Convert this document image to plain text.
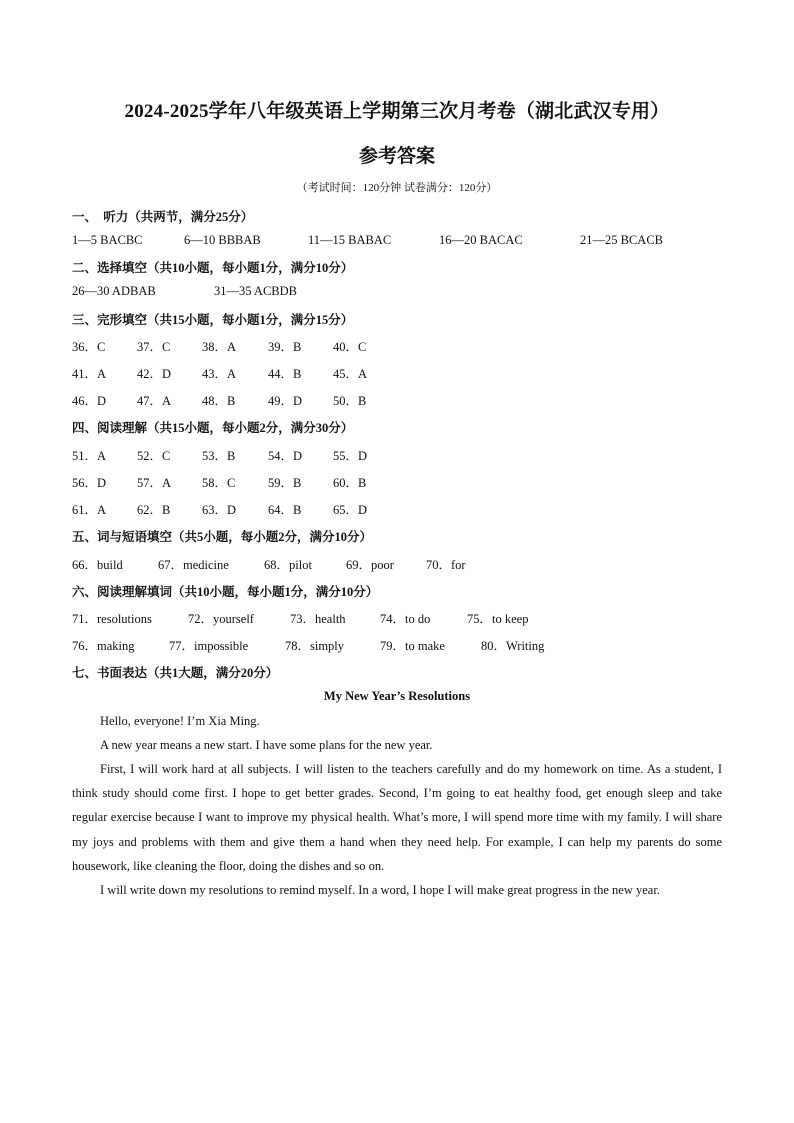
2024-2025学年八年级英语上学期第三次月考卷（湖北武汉专用）
参考答案
（考试时间：120分钟 试卷满分：120分）
一、  听力（共两节，满分25分）
1—5 BACBC	6—10 BBBAB	11—15 BABAC	16—20 BACAC	21—25 BCACB
二、选择填空（共10小题，每小题1分，满分10分）
26—30 ADBAB	31—35 ACBDB
三、完形填空（共15小题，每小题1分，满分15分）
36．C	37．C	38．A	39．B	40．C
41．A 42．D 43．A	44．B	45．A
46．D 47．A 48．B	49．D 50．B
四、阅读理解（共15小题，每小题2分，满分30分）
51．A 52．C	53．B	54．D 55．D
56．D 57．A 58．C	59．B	60．B
61．A 62．B	63．D	64．B	65．D
五、词与短语填空（共5小题，每小题2分，满分10分）
66．build	67．medicine	68．pilot	69．poor	70．for
六、阅读理解填词（共10小题，每小题1分，满分10分）
71．resolutions	72．yourself	73．health	74．to do	75．to keep
76．making	77．impossible	78．simply	79．to make	80．Writing
七、书面表达（共1大题，满分20分）
My New Year’s Resolutions

Hello, everyone! I’m Xia Ming.

A new year means a new start. I have some plans for the new year.

First, I will work hard at all subjects. I will listen to the teachers carefully and do my homework on time. As a student, I think study should come first. I hope to get better grades. Second, I’m going to eat healthy food, get enough sleep and take regular exercise because I want to improve my physical health. What’s more, I will spend more time with my family. I will share my joys and problems with them and give them a hand when they need help. For example, I can help my parents do some housework, like cleaning the floor, doing the dishes and so on.

I will write down my resolutions to remind myself. In a word, I hope I will make great progress in the new year.
